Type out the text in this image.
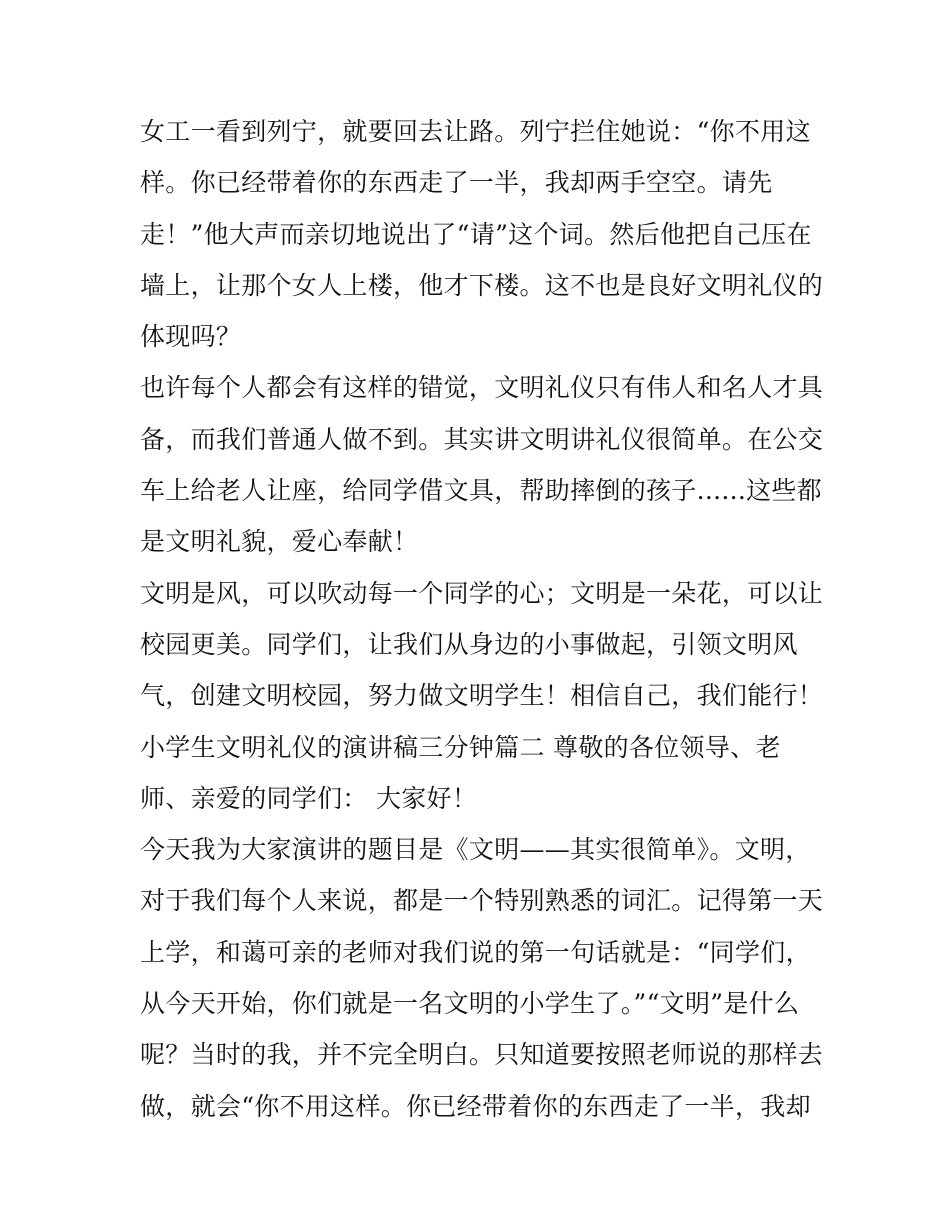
女工一看到列宁，就要回去让路。列宁拦住她说：“你不用这
样。你已经带着你的东西走了一半，我却两手空空。请先
走！”他大声而亲切地说出了“请”这个词。然后他把自己压在
墙上，让那个女人上楼，他才下楼。这不也是良好文明礼仪的
体现吗？
也许每个人都会有这样的错觉，文明礼仪只有伟人和名人才具
备，而我们普通人做不到。其实讲文明讲礼仪很简单。在公交
车上给老人让座，给同学借文具，帮助摔倒的孩子......这些都
是文明礼貌，爱心奉献！
文明是风，可以吹动每一个同学的心；文明是一朵花，可以让
校园更美。同学们，让我们从身边的小事做起，引领文明风
气，创建文明校园，努力做文明学生！相信自己，我们能行！
小学生文明礼仪的演讲稿三分钟篇二 尊敬的各位领导、老
师、亲爱的同学们： 大家好！
今天我为大家演讲的题目是《文明——其实很简单》。文明，
对于我们每个人来说，都是一个特别熟悉的词汇。记得第一天
上学，和蔼可亲的老师对我们说的第一句话就是：“同学们，
从今天开始，你们就是一名文明的小学生了。”“文明”是什么
呢？当时的我，并不完全明白。只知道要按照老师说的那样去
做，就会“你不用这样。你已经带着你的东西走了一半，我却
